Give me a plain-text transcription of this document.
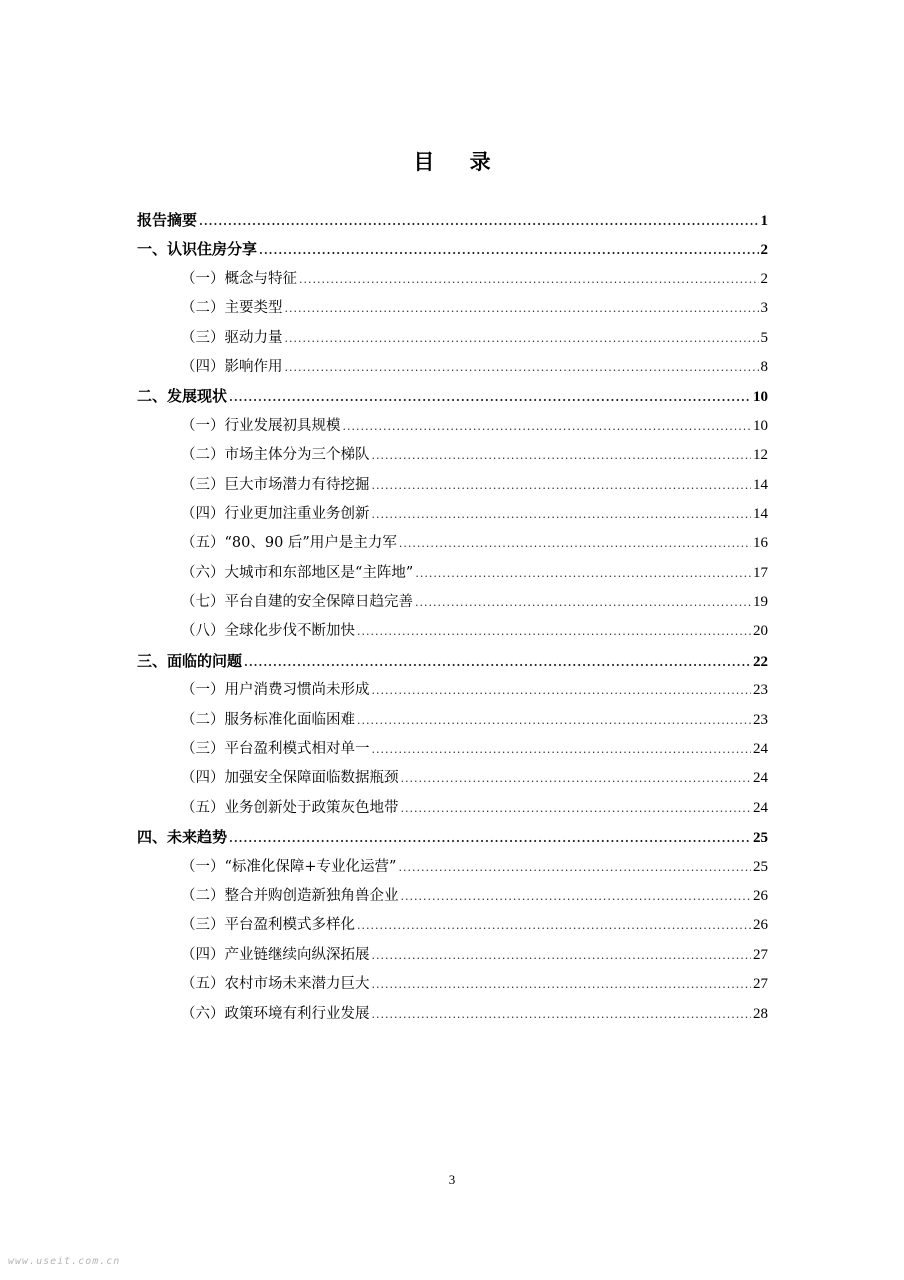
目 录
报告摘要 .....	1
一、认识住房分享 .....	2
（一）概念与特征 .....	2
（二）主要类型 .....	3
（三）驱动力量 .....	5
（四）影响作用 .....	8
二、发展现状 .....	10
（一）行业发展初具规模 .....	10
（二）市场主体分为三个梯队 .....	12
（三）巨大市场潜力有待挖掘 .....	14
（四）行业更加注重业务创新 .....	14
（五）“80、90 后”用户是主力军 .....	16
（六）大城市和东部地区是“主阵地” .....	17
（七）平台自建的安全保障日趋完善 .....	19
（八）全球化步伐不断加快 .....	20
三、面临的问题 .....	22
（一）用户消费习惯尚未形成 .....	23
（二）服务标准化面临困难 .....	23
（三）平台盈利模式相对单一 .....	24
（四）加强安全保障面临数据瓶颈 .....	24
（五）业务创新处于政策灰色地带 .....	24
四、未来趋势 .....	25
（一）“标准化保障+专业化运营” .....	25
（二）整合并购创造新独角兽企业 .....	26
（三）平台盈利模式多样化 .....	26
（四）产业链继续向纵深拓展 .....	27
（五）农村市场未来潜力巨大 .....	27
（六）政策环境有利行业发展 .....	28
3
www.useit.com.cn
